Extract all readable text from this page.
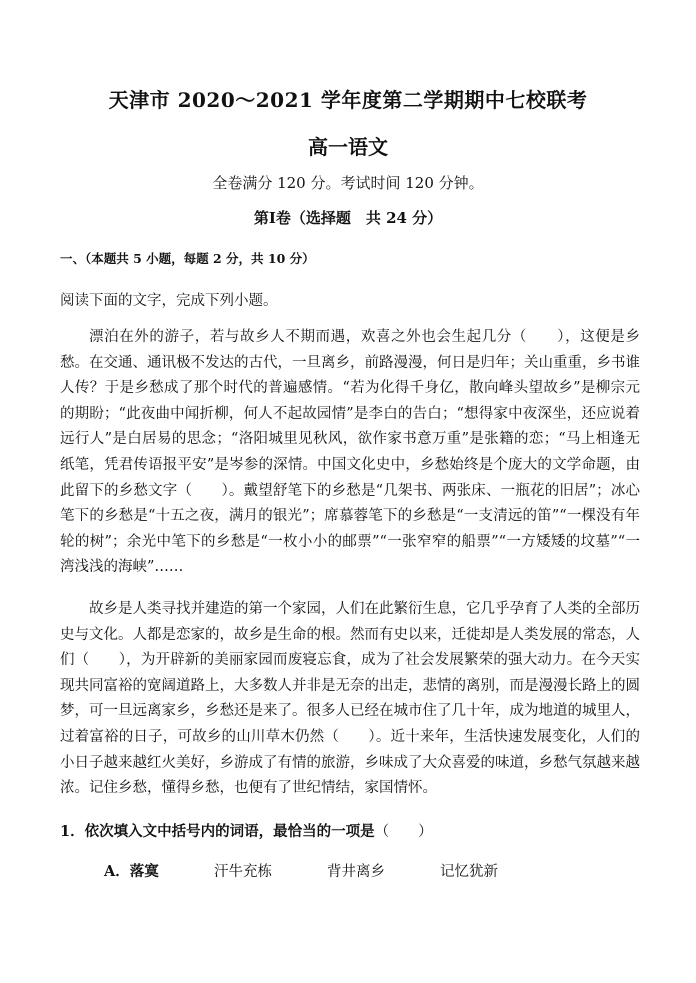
天津市 2020～2021 学年度第二学期期中七校联考
高一语文
全卷满分 120 分。考试时间 120 分钟。
第Ⅰ卷（选择题　共 24 分）
一、（本题共 5 小题，每题 2 分，共 10 分）
阅读下面的文字，完成下列小题。

漂泊在外的游子，若与故乡人不期而遇，欢喜之外也会生起几分（　　），这便是乡愁。在交通、通讯极不发达的古代，一旦离乡，前路漫漫，何日是归年；关山重重，乡书谁人传？于是乡愁成了那个时代的普遍感情。“若为化得千身亿，散向峰头望故乡”是柳宗元的期盼；“此夜曲中闻折柳，何人不起故园情”是李白的告白；“想得家中夜深坐，还应说着远行人”是白居易的思念；“洛阳城里见秋风，欲作家书意万重”是张籍的恋；“马上相逢无纸笔，凭君传语报平安”是岑参的深情。中国文化史中，乡愁始终是个庞大的文学命题，由此留下的乡愁文字（　　）。戴望舒笔下的乡愁是“几架书、两张床、一瓶花的旧居”；冰心笔下的乡愁是“十五之夜，满月的银光”；席慕蓉笔下的乡愁是“一支清远的笛”“一棵没有年轮的树”；余光中笔下的乡愁是“一枚小小的邮票”“一张窄窄的船票”“一方矮矮的坟墓”“一湾浅浅的海峡”……

故乡是人类寻找并建造的第一个家园，人们在此繁衍生息，它几乎孕育了人类的全部历史与文化。人都是恋家的，故乡是生命的根。然而有史以来，迁徙却是人类发展的常态，人们（　　），为开辟新的美丽家园而废寝忘食，成为了社会发展繁荣的强大动力。在今天实现共同富裕的宽阔道路上，大多数人并非是无奈的出走，悲情的离别，而是漫漫长路上的圆梦，可一旦远离家乡，乡愁还是来了。很多人已经在城市住了几十年，成为地道的城里人，过着富裕的日子，可故乡的山川草木仍然（　　）。近十来年，生活快速发展变化，人们的小日子越来越红火美好，乡游成了有情的旅游，乡味成了大众喜爱的味道，乡愁气氛越来越浓。记住乡愁，懂得乡愁，也便有了世纪情结，家国情怀。

1．依次填入文中括号内的词语，最恰当的一项是（　　）
A．落寞	汗牛充栋	背井离乡	记忆犹新
